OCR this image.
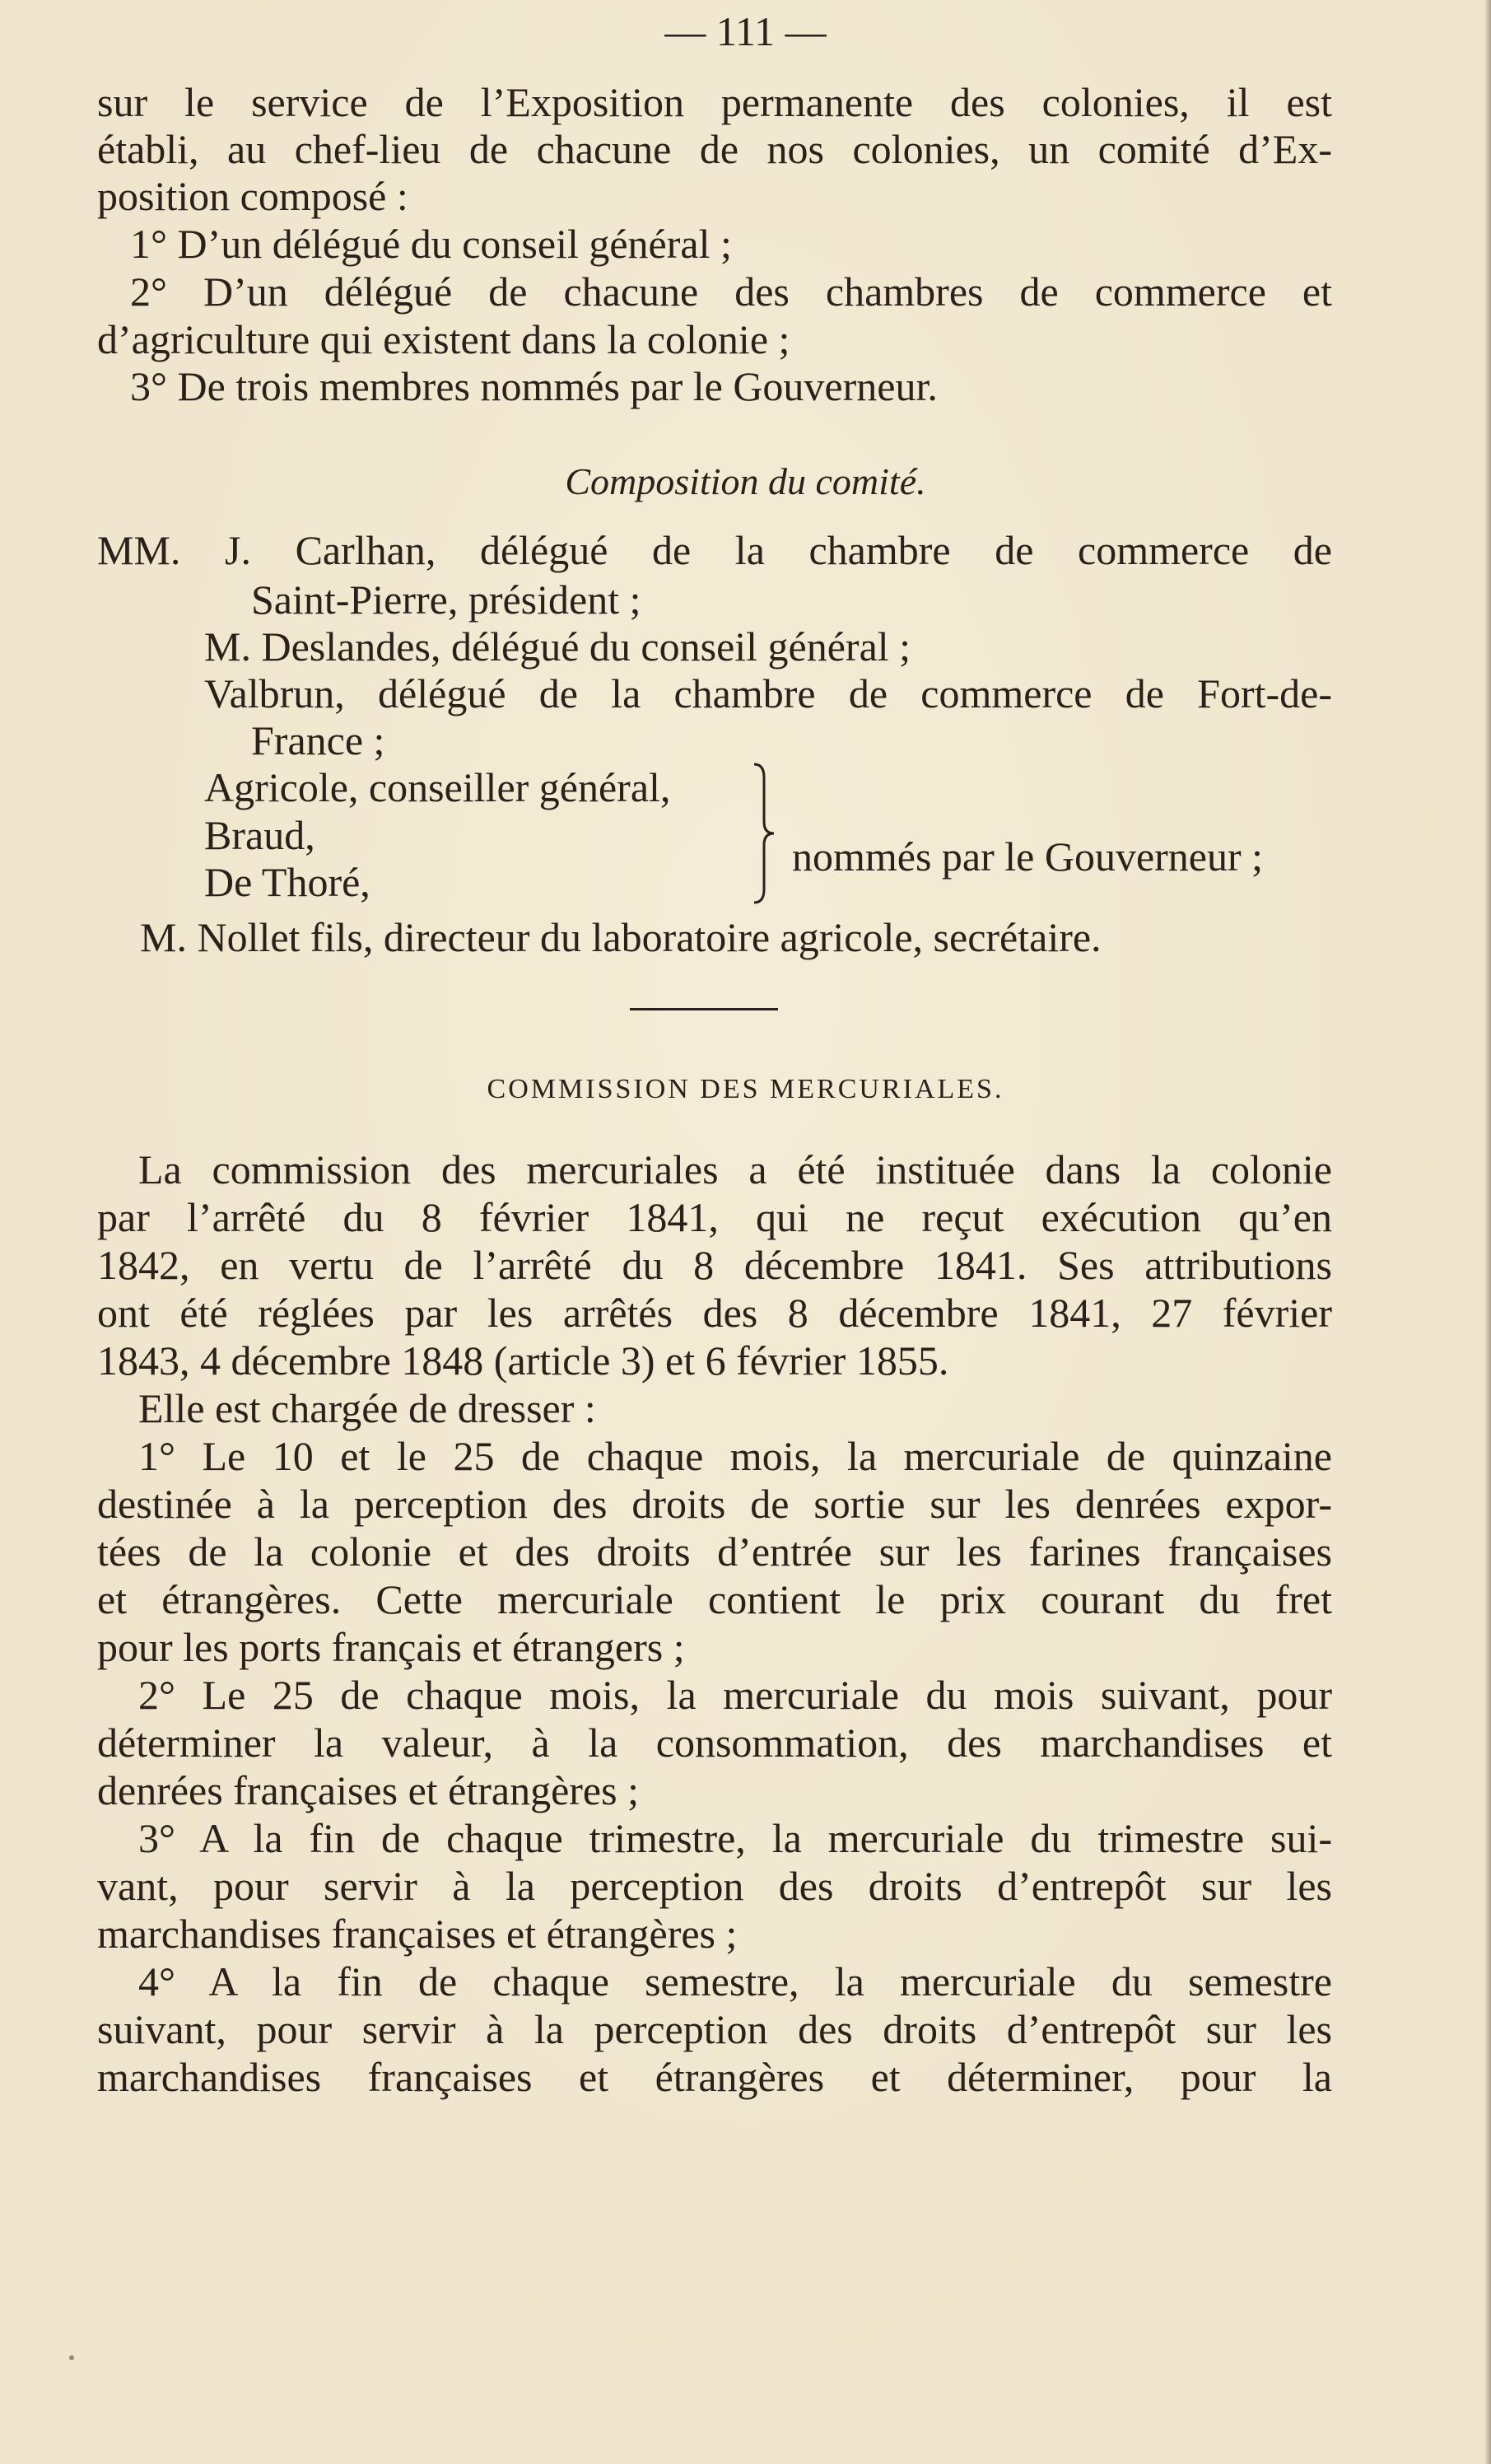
— 111 —
sur le service de l’Exposition permanente des colonies, il est
établi, au chef-lieu de chacune de nos colonies, un comité d’Ex-
position composé :
1° D’un délégué du conseil général ;
2° D’un délégué de chacune des chambres de commerce et
d’agriculture qui existent dans la colonie ;
3° De trois membres nommés par le Gouverneur.
Composition du comité.
MM. J. Carlhan, délégué de la chambre de commerce de
Saint-Pierre, président ;
M. Deslandes, délégué du conseil général ;
Valbrun, délégué de la chambre de commerce de Fort-de-
France ;
Agricole, conseiller général,
Braud,
De Thoré,
nommés par le Gouverneur ;
M. Nollet fils, directeur du laboratoire agricole, secrétaire.
COMMISSION DES MERCURIALES.
La commission des mercuriales a été instituée dans la colonie
par l’arrêté du 8 février 1841, qui ne reçut exécution qu’en
1842, en vertu de l’arrêté du 8 décembre 1841. Ses attributions
ont été réglées par les arrêtés des 8 décembre 1841, 27 février
1843, 4 décembre 1848 (article 3) et 6 février 1855.
Elle est chargée de dresser :
1° Le 10 et le 25 de chaque mois, la mercuriale de quinzaine
destinée à la perception des droits de sortie sur les denrées expor-
tées de la colonie et des droits d’entrée sur les farines françaises
et étrangères. Cette mercuriale contient le prix courant du fret
pour les ports français et étrangers ;
2° Le 25 de chaque mois, la mercuriale du mois suivant, pour
déterminer la valeur, à la consommation, des marchandises et
denrées françaises et étrangères ;
3° A la fin de chaque trimestre, la mercuriale du trimestre sui-
vant, pour servir à la perception des droits d’entrepôt sur les
marchandises françaises et étrangères ;
4° A la fin de chaque semestre, la mercuriale du semestre
suivant, pour servir à la perception des droits d’entrepôt sur les
marchandises françaises et étrangères et déterminer, pour la
